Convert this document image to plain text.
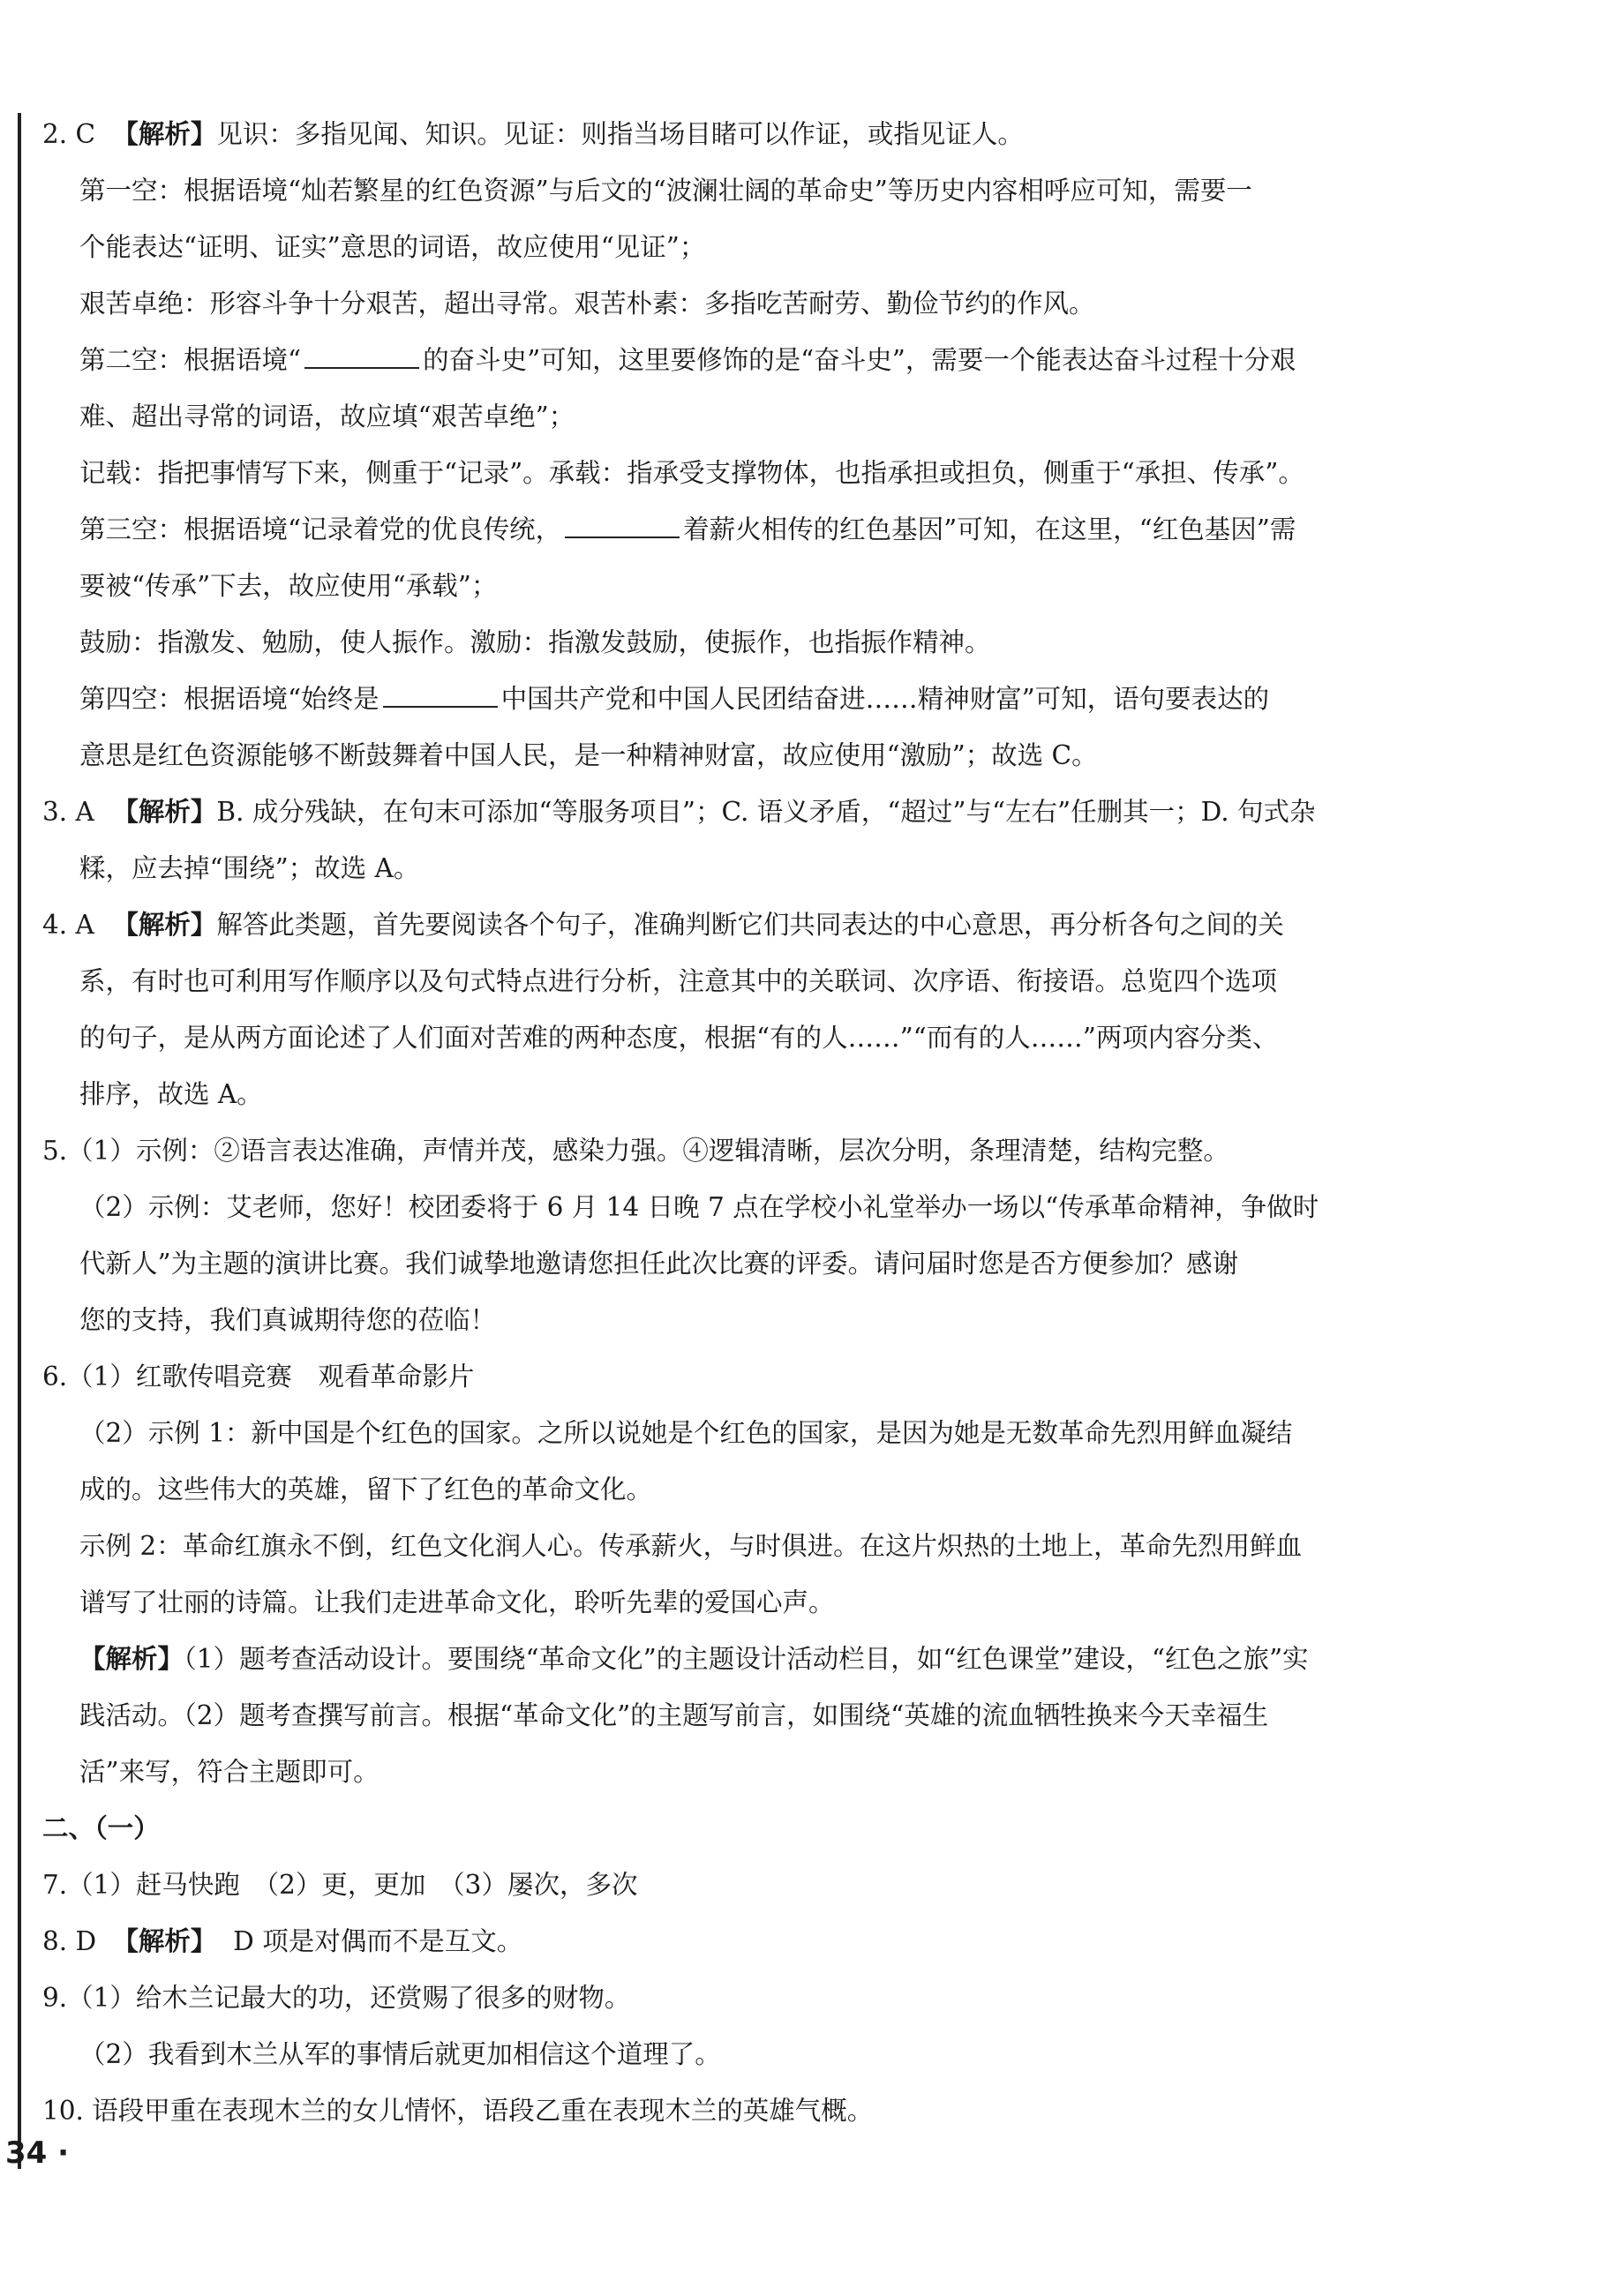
2. C 【解析】见识：多指见闻、知识。见证：则指当场目睹可以作证，或指见证人。
第一空：根据语境“灿若繁星的红色资源”与后文的“波澜壮阔的革命史”等历史内容相呼应可知，需要一
个能表达“证明、证实”意思的词语，故应使用“见证”；
艰苦卓绝：形容斗争十分艰苦，超出寻常。艰苦朴素：多指吃苦耐劳、勤俭节约的作风。
第二空：根据语境“	的奋斗史”可知，这里要修饰的是“奋斗史”，需要一个能表达奋斗过程十分艰
难、超出寻常的词语，故应填“艰苦卓绝”；
记载：指把事情写下来，侧重于“记录”。承载：指承受支撑物体，也指承担或担负，侧重于“承担、传承”。
第三空：根据语境“记录着党的优良传统，	着薪火相传的红色基因”可知，在这里，“红色基因”需
要被“传承”下去，故应使用“承载”；
鼓励：指激发、勉励，使人振作。激励：指激发鼓励，使振作，也指振作精神。
第四空：根据语境“始终是	中国共产党和中国人民团结奋进……精神财富”可知，语句要表达的
意思是红色资源能够不断鼓舞着中国人民，是一种精神财富，故应使用“激励”；故选 C。
3. A 【解析】B. 成分残缺，在句末可添加“等服务项目”；C. 语义矛盾，“超过”与“左右”任删其一；D. 句式杂
糅，应去掉“围绕”；故选 A。
4. A 【解析】解答此类题，首先要阅读各个句子，准确判断它们共同表达的中心意思，再分析各句之间的关
系，有时也可利用写作顺序以及句式特点进行分析，注意其中的关联词、次序语、衔接语。总览四个选项
的句子，是从两方面论述了人们面对苦难的两种态度，根据“有的人……”“而有的人……”两项内容分类、
排序，故选 A。
5.（1）示例：②语言表达准确，声情并茂，感染力强。④逻辑清晰，层次分明，条理清楚，结构完整。
（2）示例：艾老师，您好！校团委将于 6 月 14 日晚 7 点在学校小礼堂举办一场以“传承革命精神，争做时
代新人”为主题的演讲比赛。我们诚挚地邀请您担任此次比赛的评委。请问届时您是否方便参加？感谢
您的支持，我们真诚期待您的莅临！
6.（1）红歌传唱竞赛　观看革命影片
（2）示例 1：新中国是个红色的国家。之所以说她是个红色的国家，是因为她是无数革命先烈用鲜血凝结
成的。这些伟大的英雄，留下了红色的革命文化。
示例 2：革命红旗永不倒，红色文化润人心。传承薪火，与时俱进。在这片炽热的土地上，革命先烈用鲜血
谱写了壮丽的诗篇。让我们走进革命文化，聆听先辈的爱国心声。
【解析】（1）题考查活动设计。要围绕“革命文化”的主题设计活动栏目，如“红色课堂”建设，“红色之旅”实
践活动。（2）题考查撰写前言。根据“革命文化”的主题写前言，如围绕“英雄的流血牺牲换来今天幸福生
活”来写，符合主题即可。
二、（一）
7.（1）赶马快跑　（2）更，更加　（3）屡次，多次
8. D 【解析】 D 项是对偶而不是互文。
9.（1）给木兰记最大的功，还赏赐了很多的财物。
（2）我看到木兰从军的事情后就更加相信这个道理了。
10. 语段甲重在表现木兰的女儿情怀，语段乙重在表现木兰的英雄气概。
34 ·
